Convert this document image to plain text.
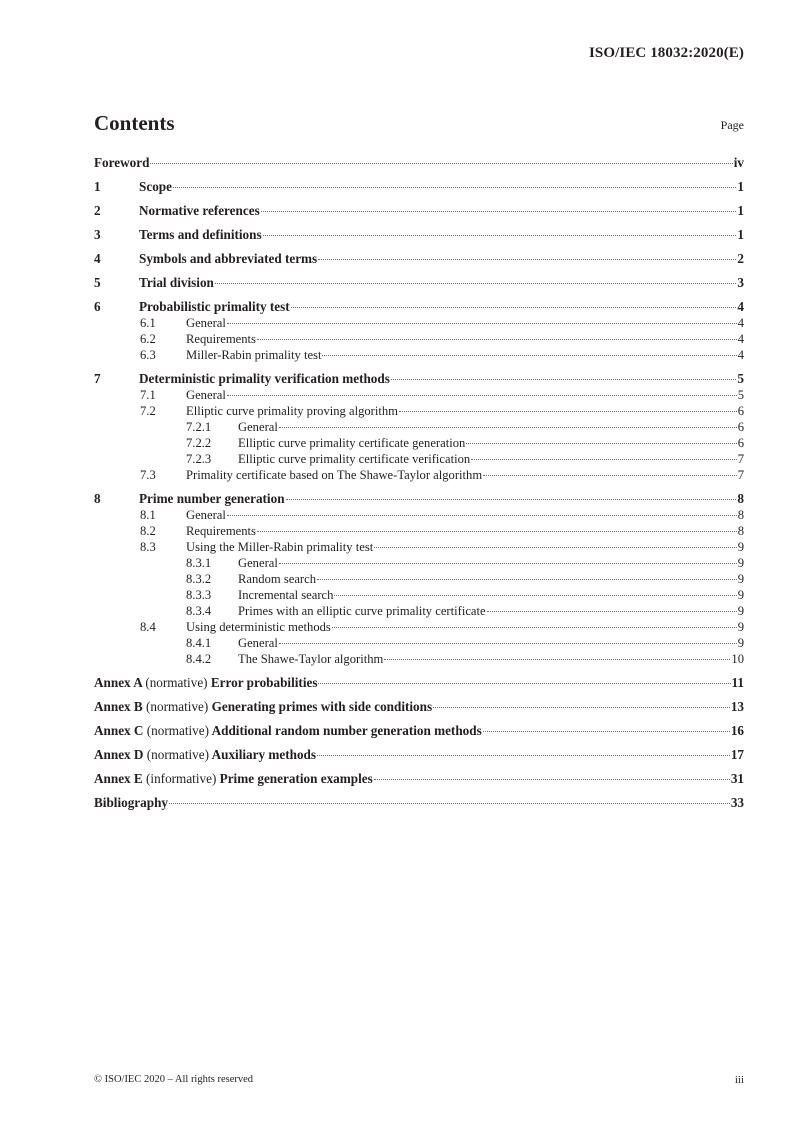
ISO/IEC 18032:2020(E)
Contents	Page
Foreword	iv
1	Scope	1
2	Normative references	1
3	Terms and definitions	1
4	Symbols and abbreviated terms	2
5	Trial division	3
6	Probabilistic primality test	4
6.1	General	4
6.2	Requirements	4
6.3	Miller-Rabin primality test	4
7	Deterministic primality verification methods	5
7.1	General	5
7.2	Elliptic curve primality proving algorithm	6
7.2.1	General	6
7.2.2	Elliptic curve primality certificate generation	6
7.2.3	Elliptic curve primality certificate verification	7
7.3	Primality certificate based on The Shawe-Taylor algorithm	7
8	Prime number generation	8
8.1	General	8
8.2	Requirements	8
8.3	Using the Miller-Rabin primality test	9
8.3.1	General	9
8.3.2	Random search	9
8.3.3	Incremental search	9
8.3.4	Primes with an elliptic curve primality certificate	9
8.4	Using deterministic methods	9
8.4.1	General	9
8.4.2	The Shawe-Taylor algorithm	10
Annex A (normative) Error probabilities	11
Annex B (normative) Generating primes with side conditions	13
Annex C (normative) Additional random number generation methods	16
Annex D (normative) Auxiliary methods	17
Annex E (informative) Prime generation examples	31
Bibliography	33
© ISO/IEC 2020 – All rights reserved	iii
